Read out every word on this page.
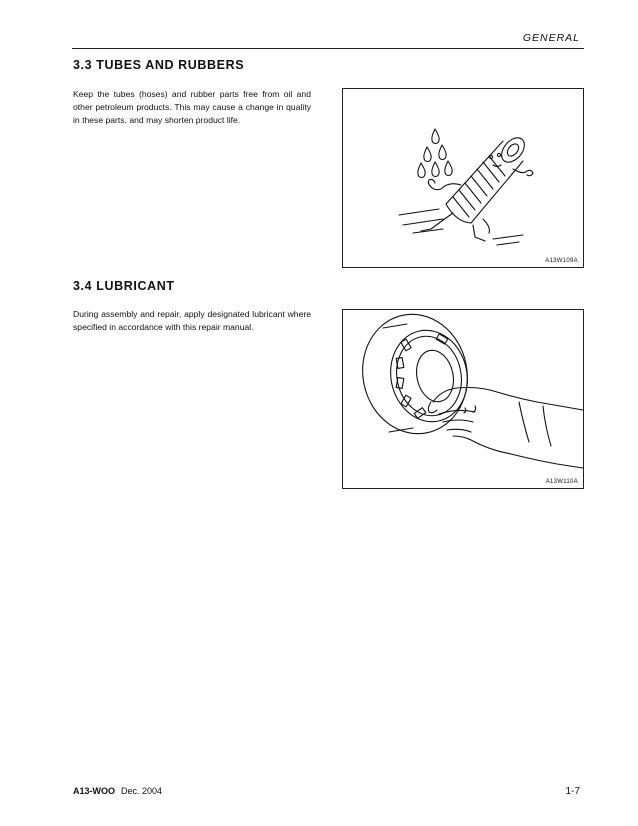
GENERAL
3.3 TUBES AND RUBBERS
Keep the tubes (hoses) and rubber parts free from oil and other petroleum products. This may cause a change in quality in these parts, and may shorten product life.
A13W109A
3.4 LUBRICANT
During assembly and repair, apply designated lubricant where specified in accordance with this repair manual.
A13W110A
A13-WOO Dec. 2004	1-7
